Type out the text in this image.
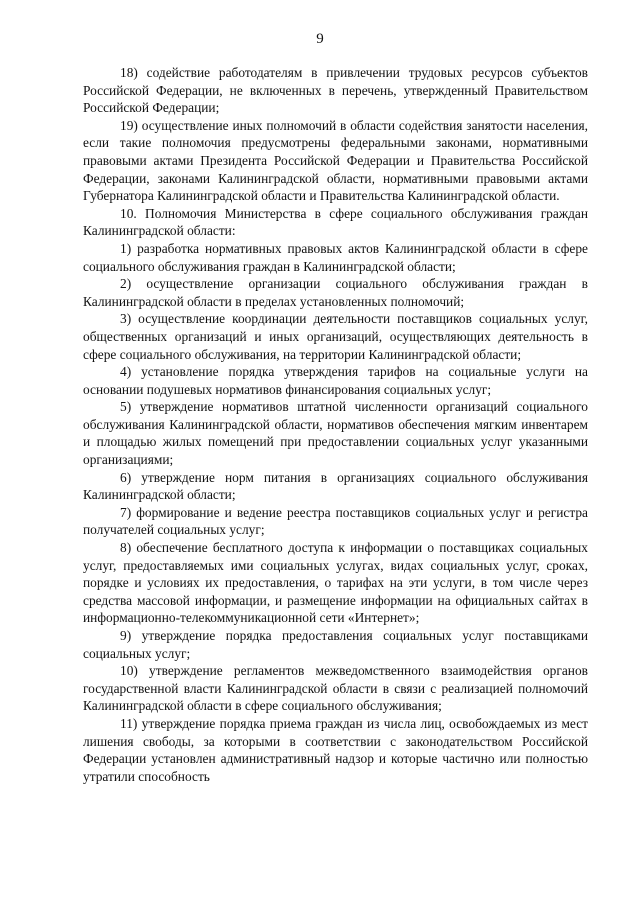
9

18) содействие работодателям в привлечении трудовых ресурсов субъектов Российской Федерации, не включенных в перечень, утвержденный Правительством Российской Федерации;

19) осуществление иных полномочий в области содействия занятости населения, если такие полномочия предусмотрены федеральными законами, нормативными правовыми актами Президента Российской Федерации и Правительства Российской Федерации, законами Калининградской области, нормативными правовыми актами Губернатора Калининградской области и Правительства Калининградской области.

10. Полномочия Министерства в сфере социального обслуживания граждан Калининградской области:

1) разработка нормативных правовых актов Калининградской области в сфере социального обслуживания граждан в Калининградской области;

2) осуществление организации социального обслуживания граждан в Калининградской области в пределах установленных полномочий;

3) осуществление координации деятельности поставщиков социальных услуг, общественных организаций и иных организаций, осуществляющих деятельность в сфере социального обслуживания, на территории Калининградской области;

4) установление порядка утверждения тарифов на социальные услуги на основании подушевых нормативов финансирования социальных услуг;

5) утверждение нормативов штатной численности организаций социального обслуживания Калининградской области, нормативов обеспечения мягким инвентарем и площадью жилых помещений при предоставлении социальных услуг указанными организациями;

6) утверждение норм питания в организациях социального обслуживания Калининградской области;

7) формирование и ведение реестра поставщиков социальных услуг и регистра получателей социальных услуг;

8) обеспечение бесплатного доступа к информации о поставщиках социальных услуг, предоставляемых ими социальных услугах, видах социальных услуг, сроках, порядке и условиях их предоставления, о тарифах на эти услуги, в том числе через средства массовой информации, и размещение информации на официальных сайтах в информационно-телекоммуникационной сети «Интернет»;

9) утверждение порядка предоставления социальных услуг поставщиками социальных услуг;

10) утверждение регламентов межведомственного взаимодействия органов государственной власти Калининградской области в связи с реализацией полномочий Калининградской области в сфере социального обслуживания;

11) утверждение порядка приема граждан из числа лиц, освобождаемых из мест лишения свободы, за которыми в соответствии с законодательством Российской Федерации установлен административный надзор и которые частично или полностью утратили способность
